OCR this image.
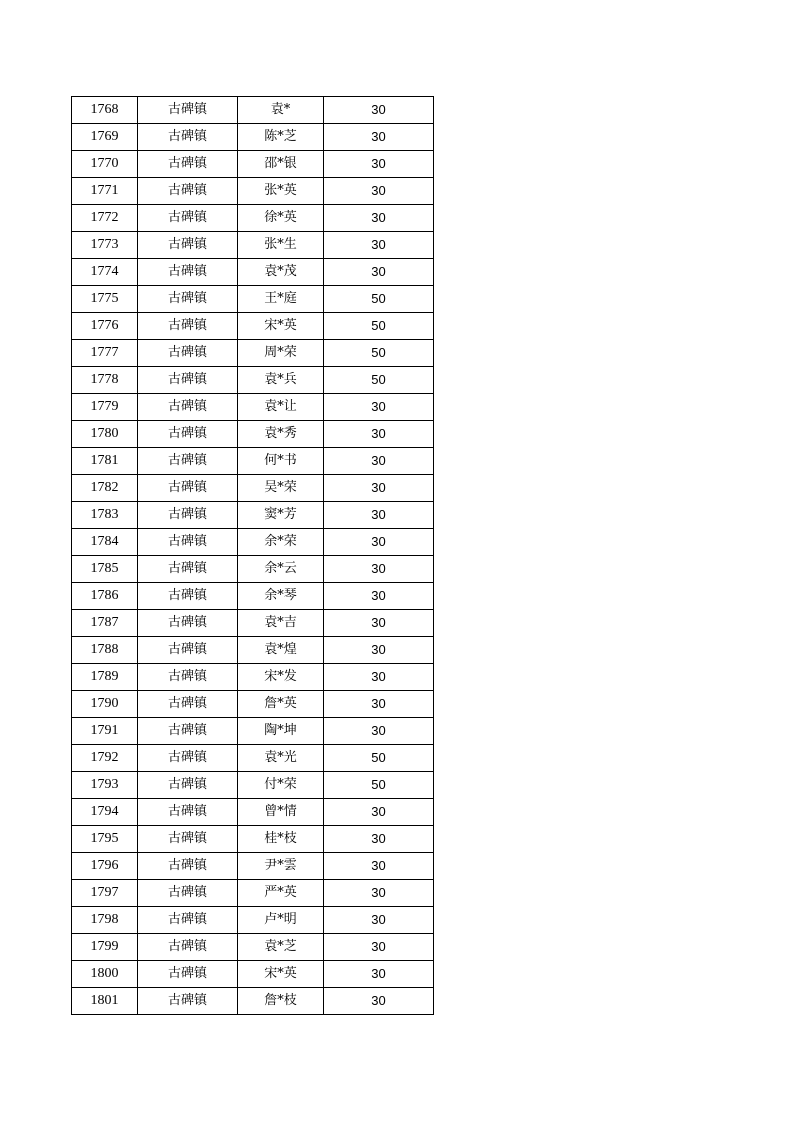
1768	古碑镇	袁*	30
1769	古碑镇	陈*芝	30
1770	古碑镇	邵*银	30
1771	古碑镇	张*英	30
1772	古碑镇	徐*英	30
1773	古碑镇	张*生	30
1774	古碑镇	袁*茂	30
1775	古碑镇	王*庭	50
1776	古碑镇	宋*英	50
1777	古碑镇	周*荣	50
1778	古碑镇	袁*兵	50
1779	古碑镇	袁*让	30
1780	古碑镇	袁*秀	30
1781	古碑镇	何*书	30
1782	古碑镇	吴*荣	30
1783	古碑镇	窦*芳	30
1784	古碑镇	余*荣	30
1785	古碑镇	余*云	30
1786	古碑镇	余*琴	30
1787	古碑镇	袁*吉	30
1788	古碑镇	袁*煌	30
1789	古碑镇	宋*发	30
1790	古碑镇	詹*英	30
1791	古碑镇	陶*坤	30
1792	古碑镇	袁*光	50
1793	古碑镇	付*荣	50
1794	古碑镇	曾*情	30
1795	古碑镇	桂*枝	30
1796	古碑镇	尹*雲	30
1797	古碑镇	严*英	30
1798	古碑镇	卢*明	30
1799	古碑镇	袁*芝	30
1800	古碑镇	宋*英	30
1801	古碑镇	詹*枝	30
